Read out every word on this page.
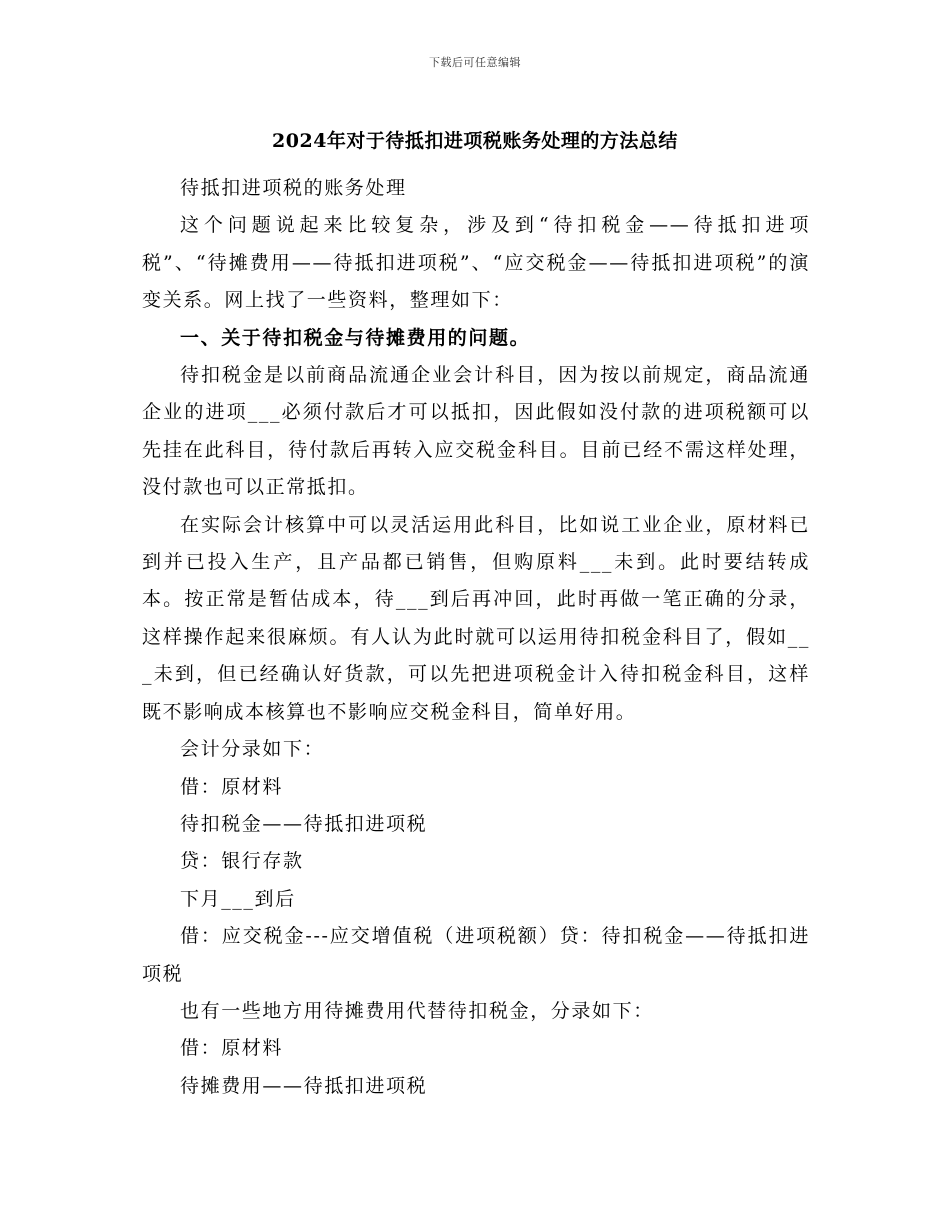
下载后可任意编辑
2024年对于待抵扣进项税账务处理的方法总结

待抵扣进项税的账务处理

这个问题说起来比较复杂，涉及到“待扣税金——待抵扣进项税”、“待摊费用——待抵扣进项税”、“应交税金——待抵扣进项税”的演变关系。网上找了一些资料，整理如下：

一、关于待扣税金与待摊费用的问题。

待扣税金是以前商品流通企业会计科目，因为按以前规定，商品流通企业的进项___必须付款后才可以抵扣，因此假如没付款的进项税额可以先挂在此科目，待付款后再转入应交税金科目。目前已经不需这样处理，没付款也可以正常抵扣。

在实际会计核算中可以灵活运用此科目，比如说工业企业，原材料已到并已投入生产，且产品都已销售，但购原料___未到。此时要结转成本。按正常是暂估成本，待___到后再冲回，此时再做一笔正确的分录，这样操作起来很麻烦。有人认为此时就可以运用待扣税金科目了，假如___未到，但已经确认好货款，可以先把进项税金计入待扣税金科目，这样既不影响成本核算也不影响应交税金科目，简单好用。

会计分录如下：

借：原材料

待扣税金——待抵扣进项税

贷：银行存款

下月___到后

借：应交税金---应交增值税（进项税额）贷：待扣税金——待抵扣进项税

也有一些地方用待摊费用代替待扣税金，分录如下：

借：原材料

待摊费用——待抵扣进项税
